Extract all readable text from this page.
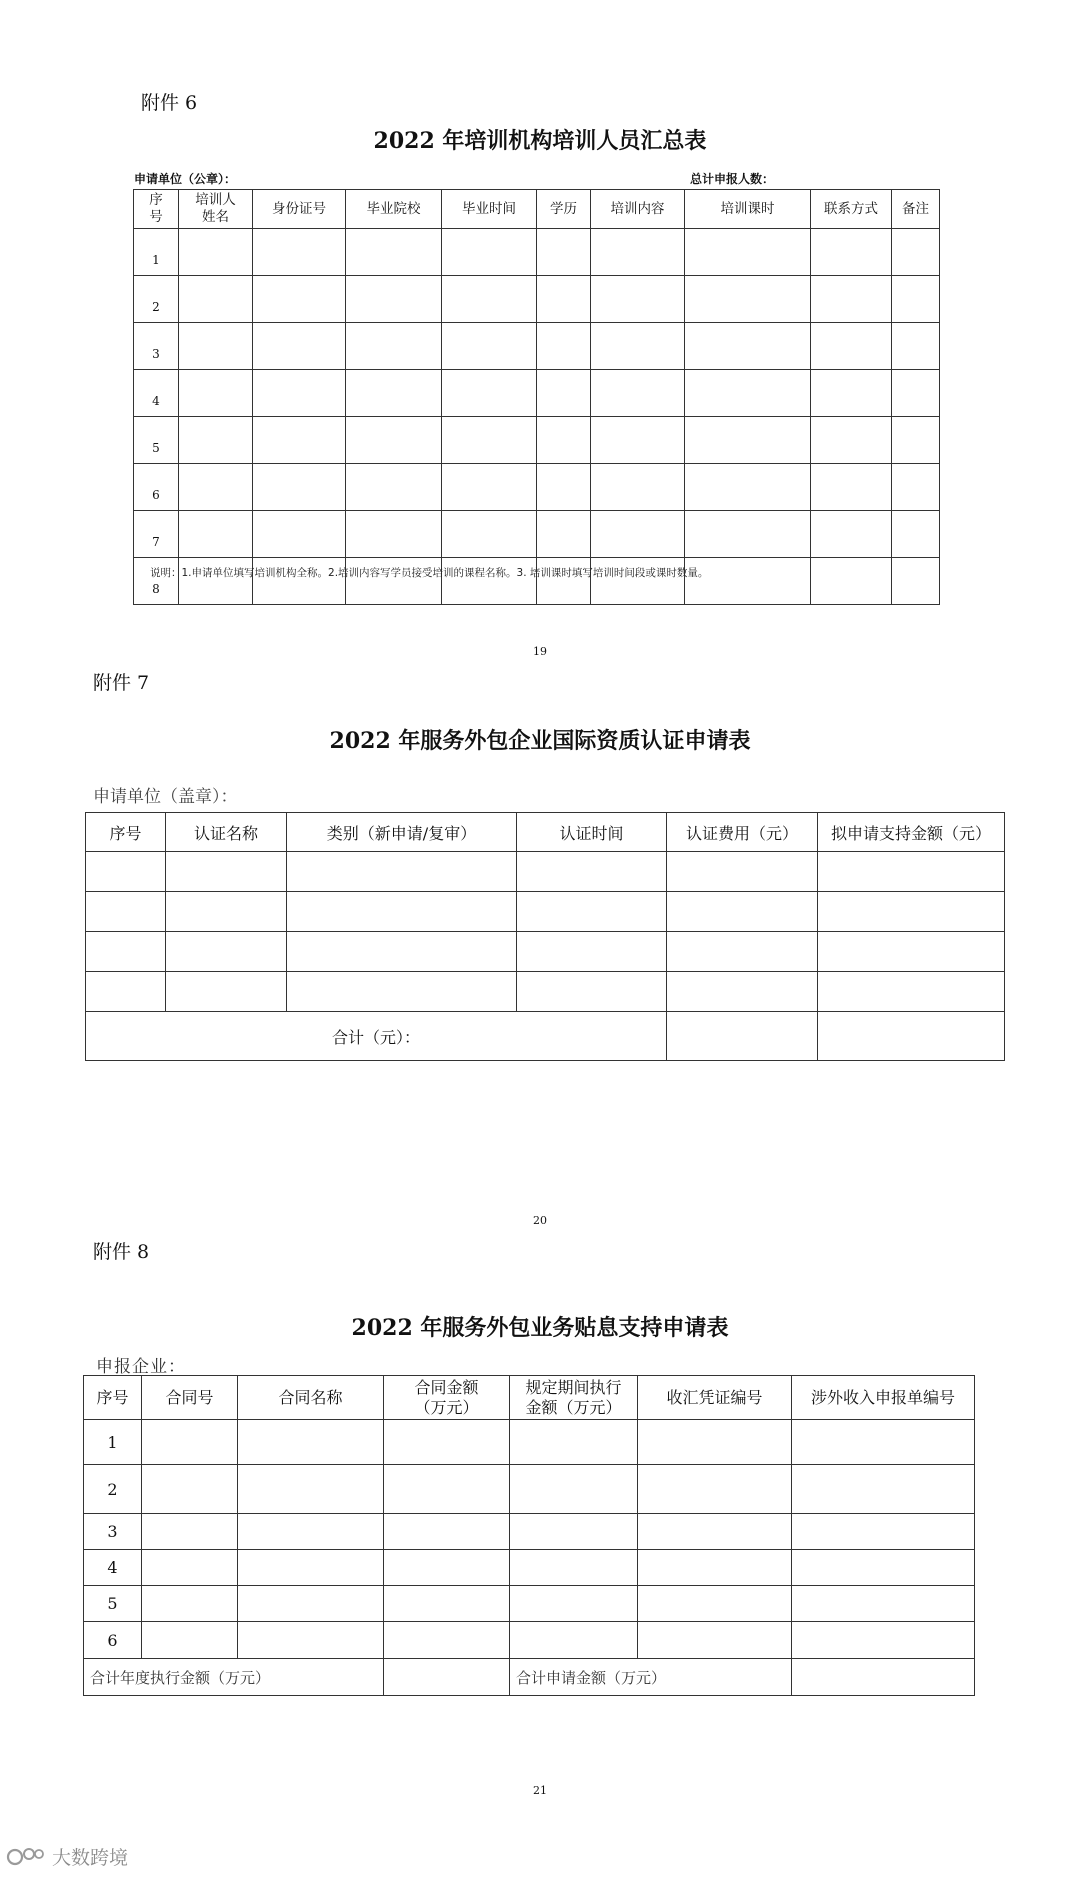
附件 6
2022 年培训机构培训人员汇总表
申请单位（公章）：	总计申报人数：
序号	培训人姓名	身份证号	毕业院校	毕业时间	学历	培训内容	培训课时	联系方式	备注
1									
2									
3									
4									
5									
6									
7									
8									
说明：1.申请单位填写培训机构全称。2.培训内容写学员接受培训的课程名称。3. 培训课时填写培训时间段或课时数量。
19
附件 7
2022 年服务外包企业国际资质认证申请表
申请单位（盖章）：
序号	认证名称	类别（新申请/复审）	认证时间	认证费用（元）	拟申请支持金额（元）

合计（元）：					
20
附件 8
2022 年服务外包业务贴息支持申请表
申报企业：
序号	合同号	合同名称	合同金额（万元）	规定期间执行金额（万元）	收汇凭证编号	涉外收入申报单编号
1						
2						
3						
4						
5						
6						
合计年度执行金额（万元）				合计申请金额（万元）		
21
大数跨境
